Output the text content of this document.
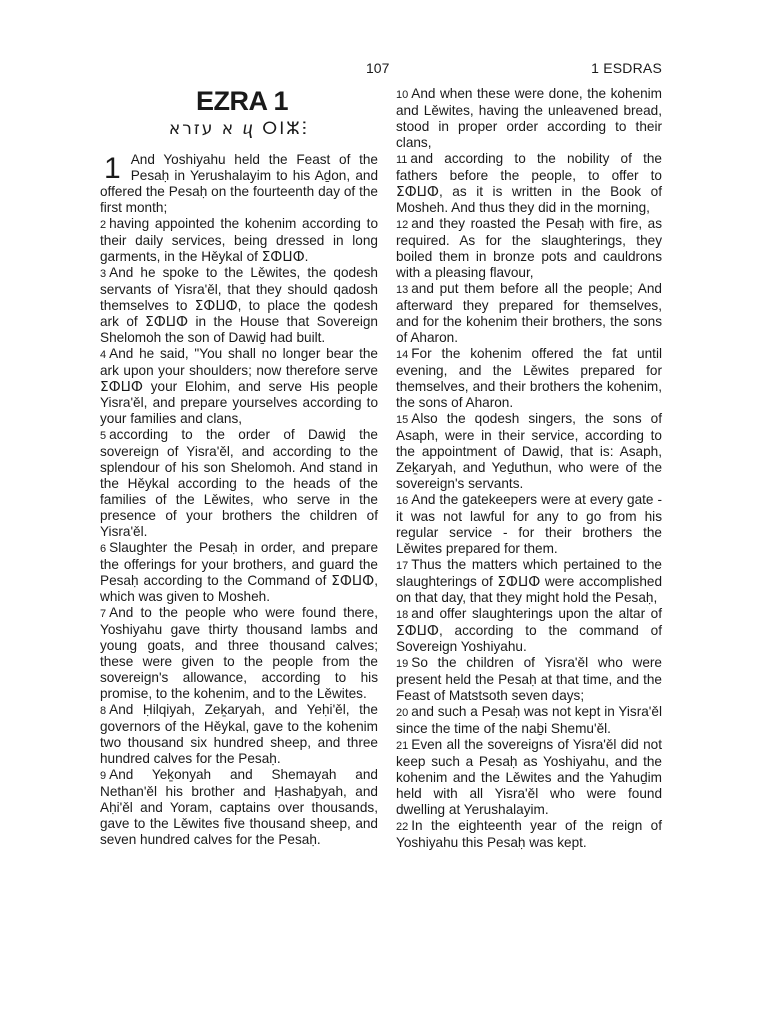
107	1 ESDRAS
EZRA 1
א עזרא ⴗ ⵔⵏⵣⵗ

1 And Yoshiyahu held the Feast of the Pesaḥ in Yerushalayim to his Aḏon, and offered the Pesaḥ on the fourteenth day of the first month;

2 having appointed the kohenim according to their daily services, being dressed in long garments, in the Hěykal of ⵉⵀⵡⵀ.

3 And he spoke to the Lěwites, the qodesh servants of Yisra'ěl, that they should qadosh themselves to ⵉⵀⵡⵀ, to place the qodesh ark of ⵉⵀⵡⵀ in the House that Sovereign Shelomoh the son of Dawiḏ had built.

4 And he said, "You shall no longer bear the ark upon your shoulders; now therefore serve ⵉⵀⵡⵀ your Elohim, and serve His people Yisra'ěl, and prepare yourselves according to your families and clans,

5 according to the order of Dawiḏ the sovereign of Yisra'ěl, and according to the splendour of his son Shelomoh. And stand in the Hěykal according to the heads of the families of the Lěwites, who serve in the presence of your brothers the children of Yisra'ěl.

6 Slaughter the Pesaḥ in order, and prepare the offerings for your brothers, and guard the Pesaḥ according to the Command of ⵉⵀⵡⵀ, which was given to Mosheh.

7 And to the people who were found there, Yoshiyahu gave thirty thousand lambs and young goats, and three thousand calves; these were given to the people from the sovereign's allowance, according to his promise, to the kohenim, and to the Lěwites.

8 And Ḥilqiyah, Zeḵaryah, and Yeḥi'ěl, the governors of the Hěykal, gave to the kohenim two thousand six hundred sheep, and three hundred calves for the Pesaḥ.

9 And Yeḵonyah and Shemayah and Nethan'ěl his brother and Ḥashaḇyah, and Aḥi'ěl and Yoram, captains over thousands, gave to the Lěwites five thousand sheep, and seven hundred calves for the Pesaḥ.

10 And when these were done, the kohenim and Lěwites, having the unleavened bread, stood in proper order according to their clans,

11 and according to the nobility of the fathers before the people, to offer to ⵉⵀⵡⵀ, as it is written in the Book of Mosheh. And thus they did in the morning,

12 and they roasted the Pesaḥ with fire, as required. As for the slaughterings, they boiled them in bronze pots and cauldrons with a pleasing flavour,

13 and put them before all the people; And afterward they prepared for themselves, and for the kohenim their brothers, the sons of Aharon.

14 For the kohenim offered the fat until evening, and the Lěwites prepared for themselves, and their brothers the kohenim, the sons of Aharon.

15 Also the qodesh singers, the sons of Asaph, were in their service, according to the appointment of Dawiḏ, that is: Asaph, Zeḵaryah, and Yeḏuthun, who were of the sovereign's servants.

16 And the gatekeepers were at every gate - it was not lawful for any to go from his regular service - for their brothers the Lěwites prepared for them.

17 Thus the matters which pertained to the slaughterings of ⵉⵀⵡⵀ were accomplished on that day, that they might hold the Pesaḥ,

18 and offer slaughterings upon the altar of ⵉⵀⵡⵀ, according to the command of Sovereign Yoshiyahu.

19 So the children of Yisra'ěl who were present held the Pesaḥ at that time, and the Feast of Matstsoth seven days;

20 and such a Pesaḥ was not kept in Yisra'ěl since the time of the naḇi Shemu'ěl.

21 Even all the sovereigns of Yisra'ěl did not keep such a Pesaḥ as Yoshiyahu, and the kohenim and the Lěwites and the Yahuḏim held with all Yisra'ěl who were found dwelling at Yerushalayim.

22 In the eighteenth year of the reign of Yoshiyahu this Pesaḥ was kept.
